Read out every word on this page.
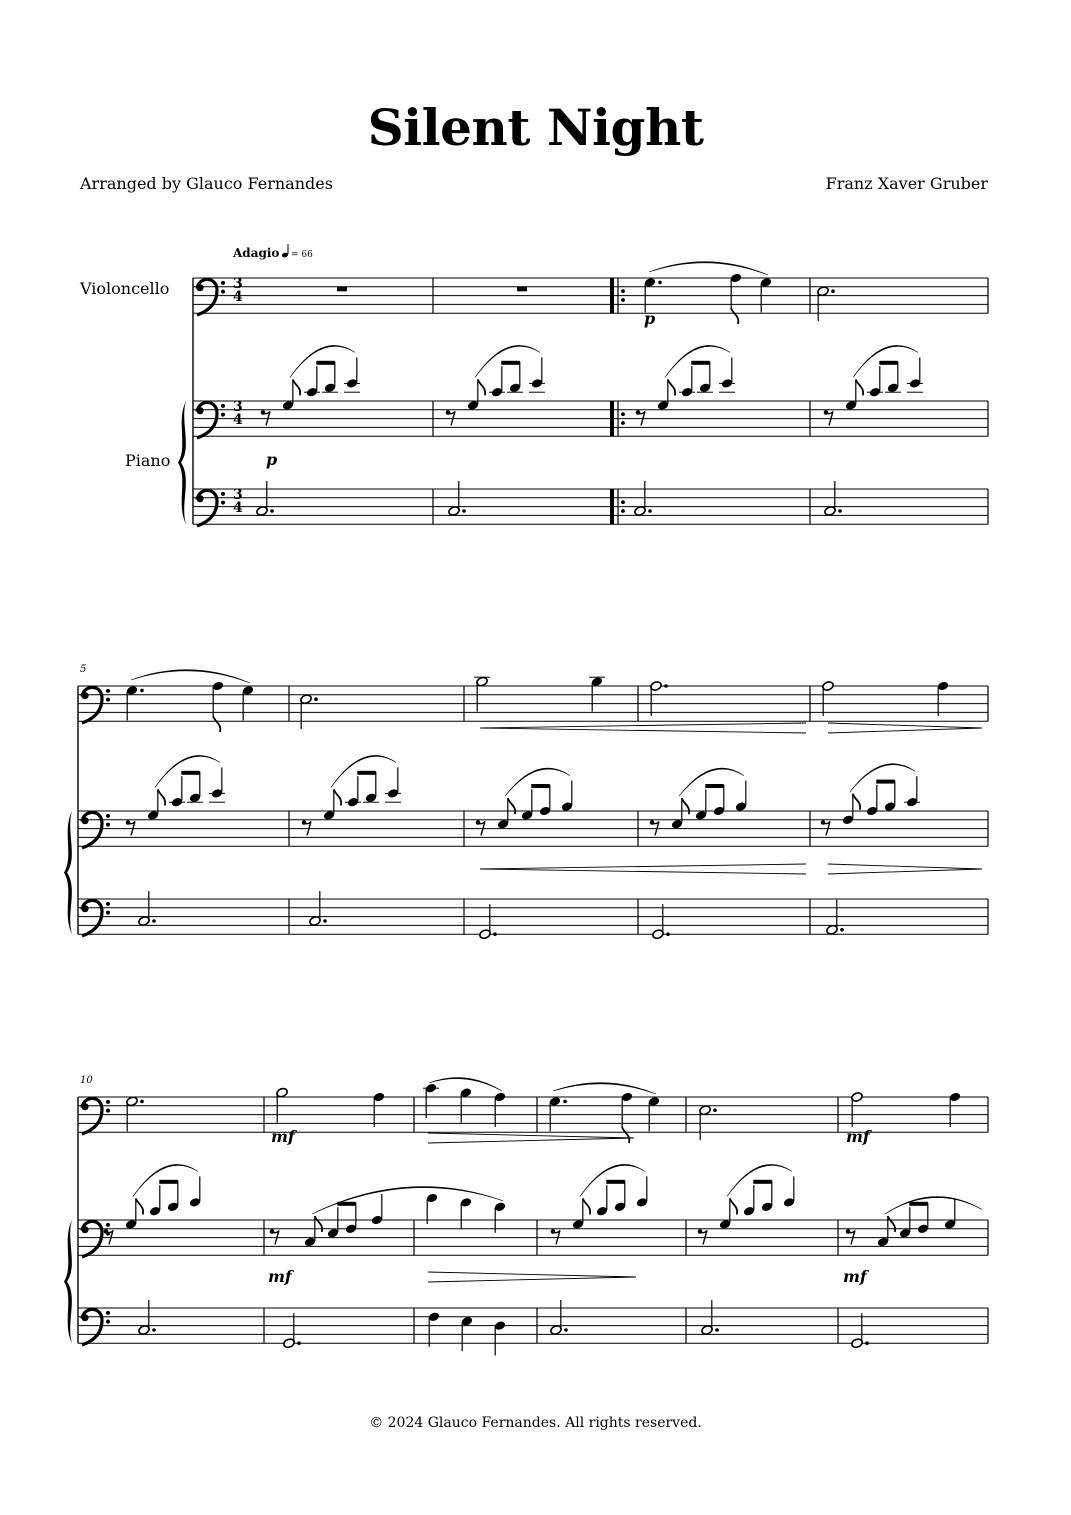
Silent Night
Arranged by Glauco Fernandes	Franz Xaver Gruber
Violoncello
Piano
Adagio = 66
5
10
3
4
3
4
3
4
p
p
mf	mf
mf	mf
© 2024 Glauco Fernandes. All rights reserved.
